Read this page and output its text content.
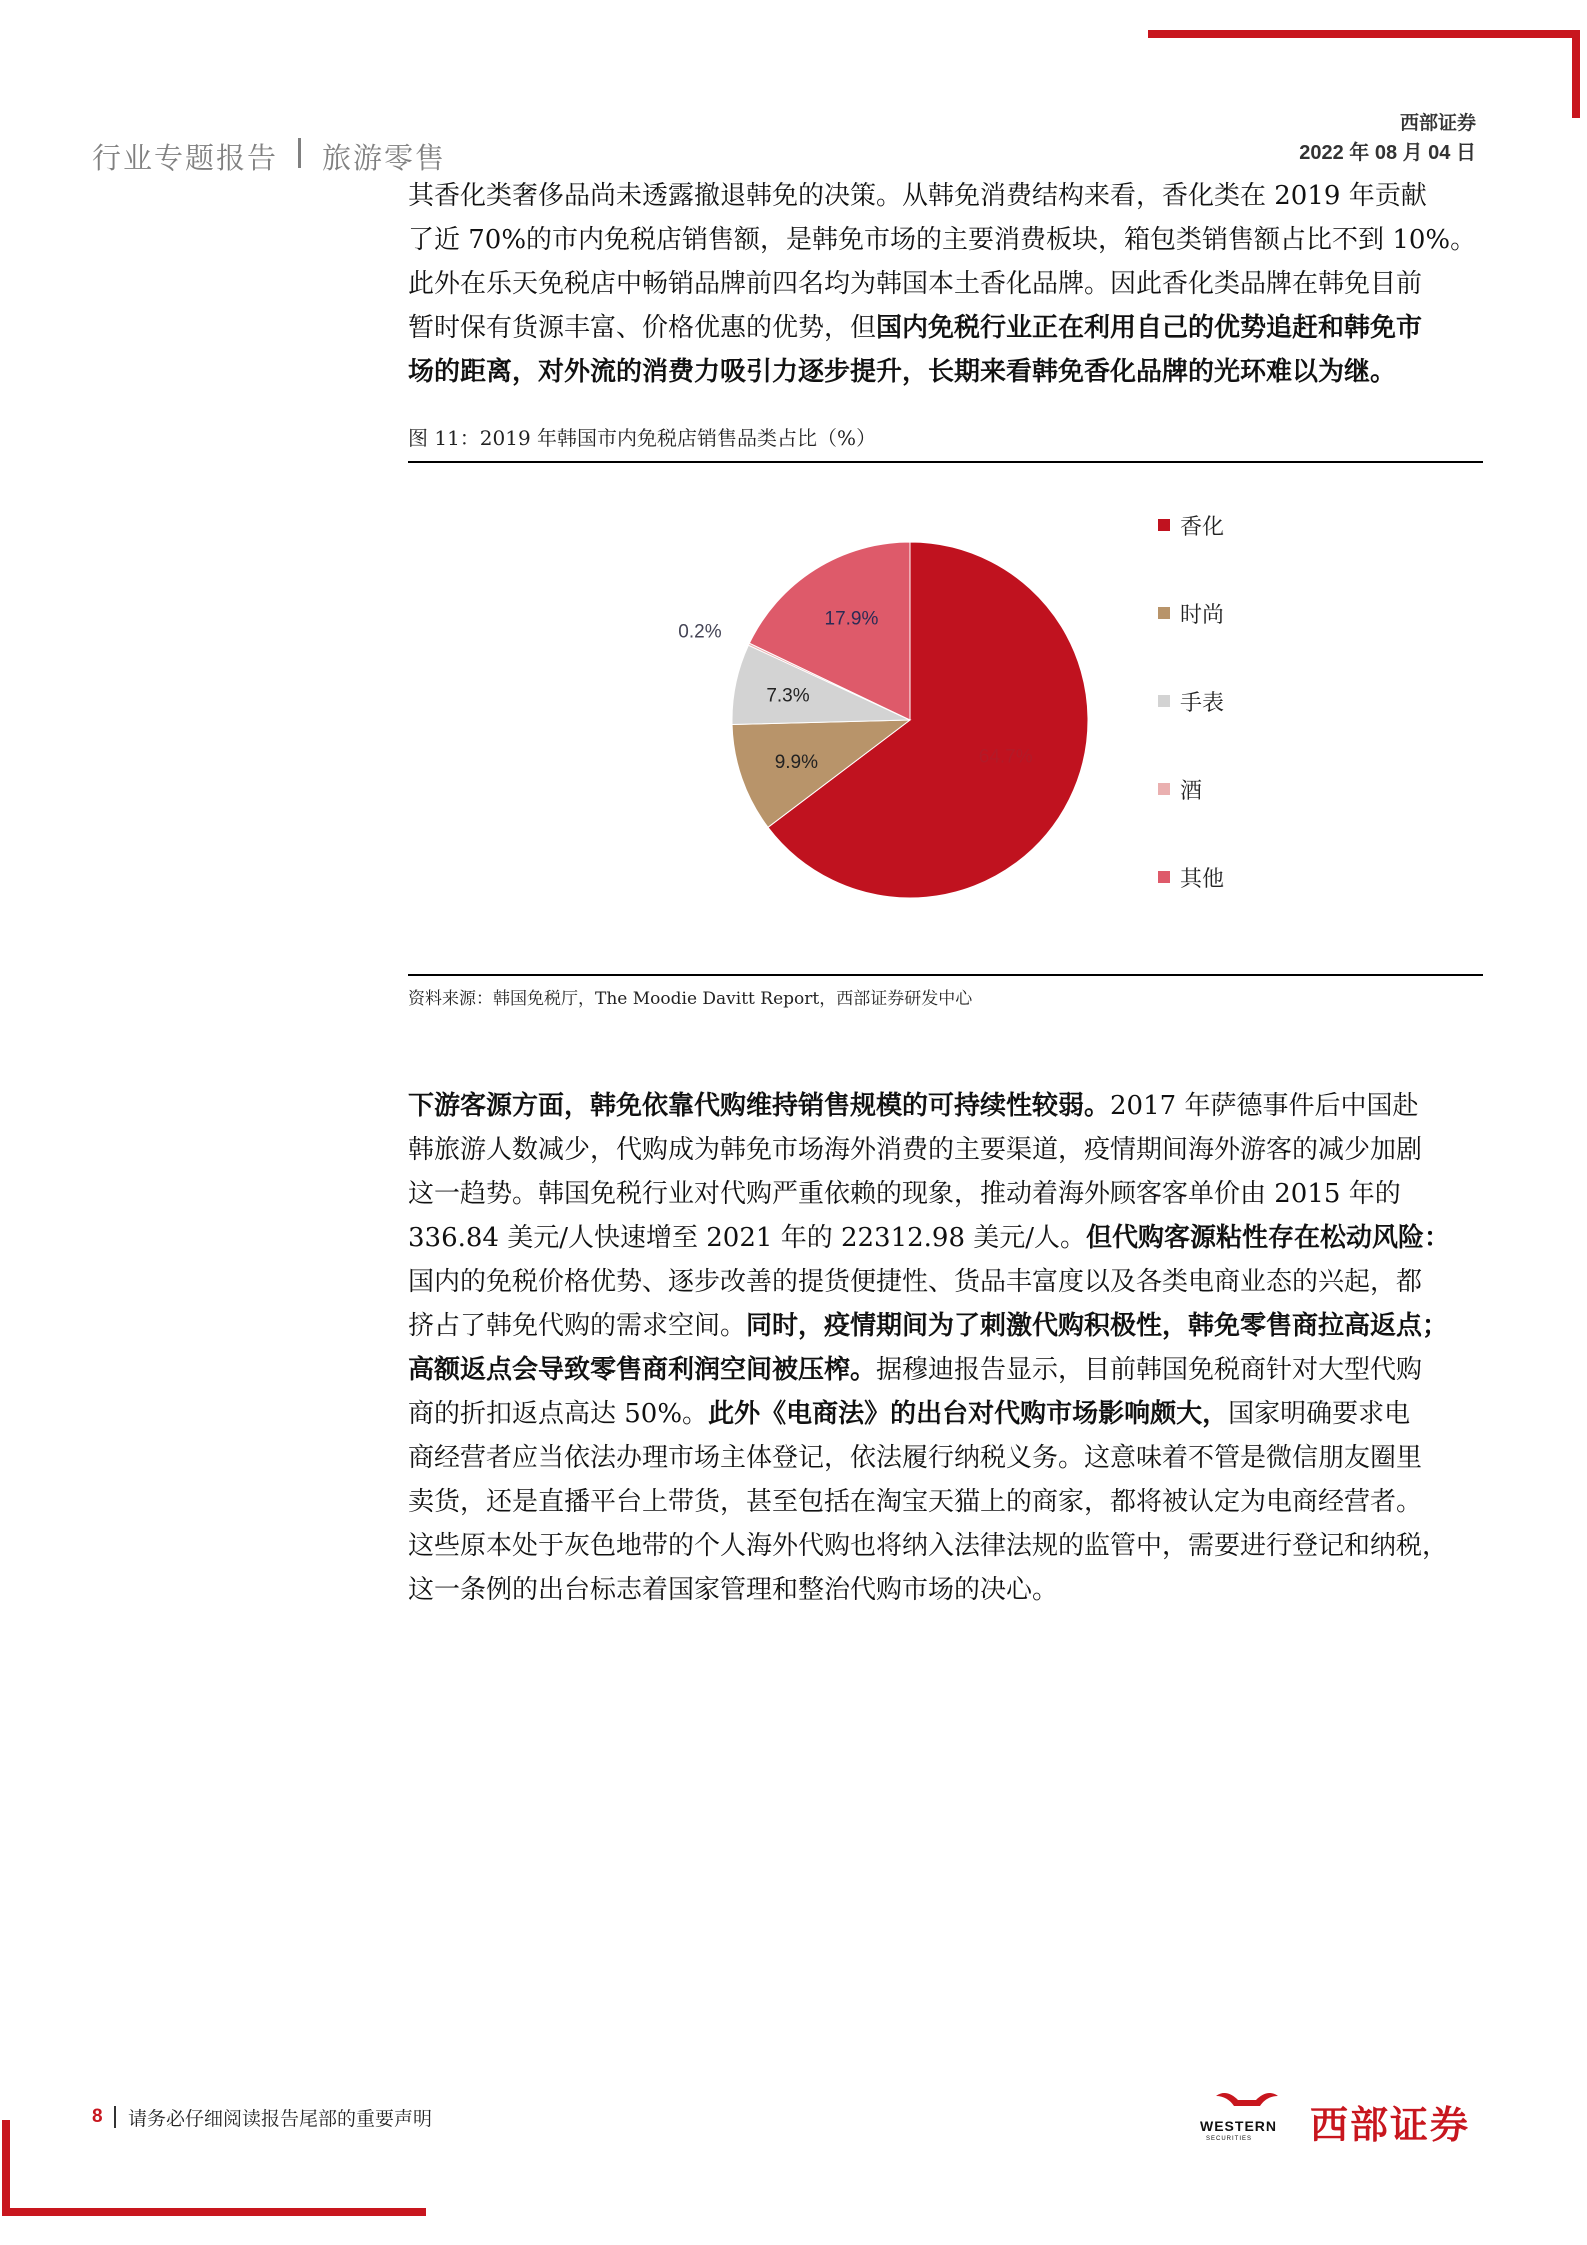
行业专题报告 旅游零售
西部证券
2022 年 08 月 04 日

其香化类奢侈品尚未透露撤退韩免的决策。从韩免消费结构来看，香化类在 2019 年贡献

了近 70%的市内免税店销售额，是韩免市场的主要消费板块，箱包类销售额占比不到 10%。

此外在乐天免税店中畅销品牌前四名均为韩国本土香化品牌。因此香化类品牌在韩免目前

暂时保有货源丰富、价格优惠的优势，但国内免税行业正在利用自己的优势追赶和韩免市

场的距离，对外流的消费力吸引力逐步提升，长期来看韩免香化品牌的光环难以为继。

图 11：2019 年韩国市内免税店销售品类占比（%）
64.7%
9.9%
7.3%
0.2%
17.9%
香化
时尚
手表
酒
其他
资料来源：韩国免税厅，The Moodie Davitt Report，西部证券研发中心

下游客源方面，韩免依靠代购维持销售规模的可持续性较弱。2017 年萨德事件后中国赴

韩旅游人数减少，代购成为韩免市场海外消费的主要渠道，疫情期间海外游客的减少加剧

这一趋势。韩国免税行业对代购严重依赖的现象，推动着海外顾客客单价由 2015 年的

336.84 美元/人快速增至 2021 年的 22312.98 美元/人。但代购客源粘性存在松动风险：

国内的免税价格优势、逐步改善的提货便捷性、货品丰富度以及各类电商业态的兴起，都

挤占了韩免代购的需求空间。同时，疫情期间为了刺激代购积极性，韩免零售商拉高返点；

高额返点会导致零售商利润空间被压榨。据穆迪报告显示，目前韩国免税商针对大型代购

商的折扣返点高达 50%。此外《电商法》的出台对代购市场影响颇大，国家明确要求电

商经营者应当依法办理市场主体登记，依法履行纳税义务。这意味着不管是微信朋友圈里

卖货，还是直播平台上带货，甚至包括在淘宝天猫上的商家，都将被认定为电商经营者。

这些原本处于灰色地带的个人海外代购也将纳入法律法规的监管中，需要进行登记和纳税，

这一条例的出台标志着国家管理和整治代购市场的决心。

8 请务必仔细阅读报告尾部的重要声明	WESTERN
SECURITIES 西部证券
